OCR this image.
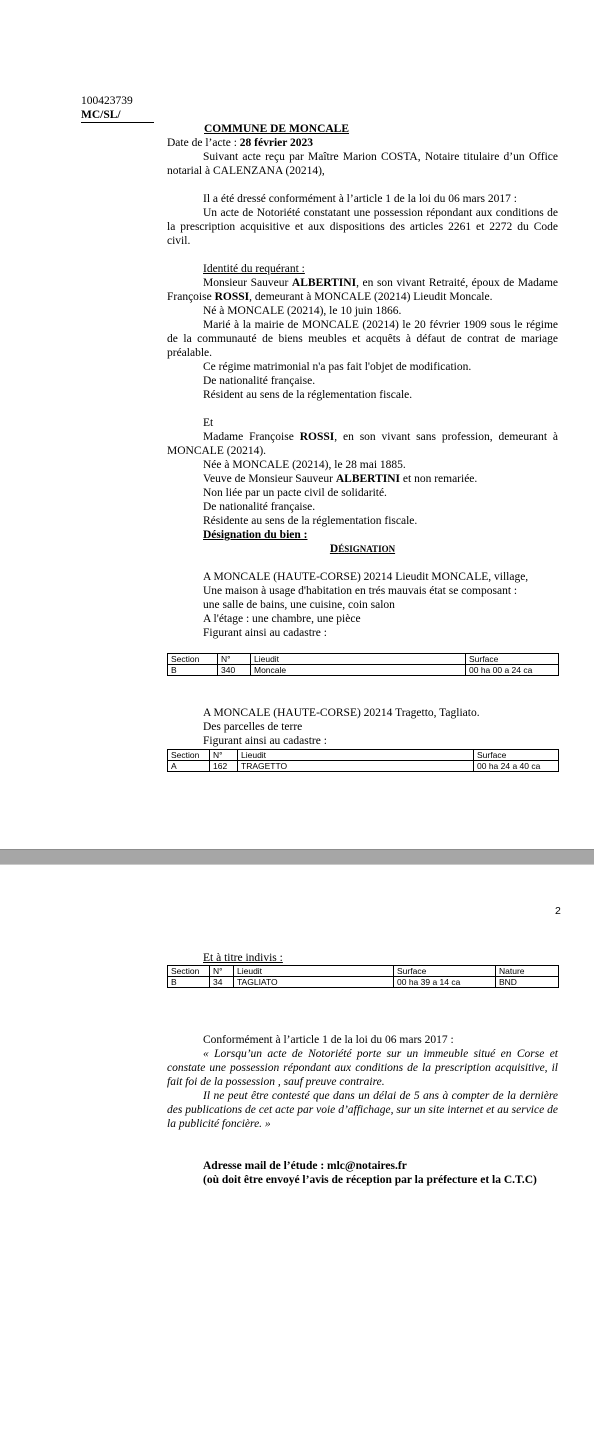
100423739
MC/SL/
COMMUNE DE MONCALE

Date de l’acte : 28 février 2023

Suivant acte reçu par Maître Marion COSTA, Notaire titulaire d’un Office notarial à CALENZANA (20214),

Il a été dressé conformément à l’article 1 de la loi du 06 mars 2017 :

Un acte de Notoriété constatant une possession répondant aux conditions de la prescription acquisitive et aux dispositions des articles 2261 et 2272 du Code civil.

Identité du requérant :

Monsieur Sauveur ALBERTINI, en son vivant Retraité, époux de Madame Françoise ROSSI, demeurant à MONCALE (20214) Lieudit Moncale.

Né à MONCALE (20214), le 10 juin 1866.

Marié à la mairie de MONCALE (20214) le 20 février 1909 sous le régime de la communauté de biens meubles et acquêts à défaut de contrat de mariage préalable.

Ce régime matrimonial n'a pas fait l'objet de modification.

De nationalité française.

Résident au sens de la réglementation fiscale.

Et

Madame Françoise ROSSI, en son vivant sans profession, demeurant à MONCALE (20214).

Née à MONCALE (20214), le 28 mai 1885.

Veuve de Monsieur Sauveur ALBERTINI et non remariée.

Non liée par un pacte civil de solidarité.

De nationalité française.

Résidente au sens de la réglementation fiscale.

Désignation du bien :

DÉSIGNATION

A MONCALE (HAUTE-CORSE) 20214 Lieudit MONCALE, village,

Une maison à usage d'habitation en trés mauvais état se composant :

une salle de bains, une cuisine, coin salon

A l'étage : une chambre, une pièce

Figurant ainsi au cadastre :

Section	N°	Lieudit	Surface
B	340	Moncale	00 ha 00 a 24 ca

A MONCALE (HAUTE-CORSE) 20214 Tragetto, Tagliato.

Des parcelles de terre

Figurant ainsi au cadastre :

Section	N°	Lieudit	Surface
A	162	TRAGETTO	00 ha 24 a 40 ca
2

Et à titre indivis :

Section	N°	Lieudit	Surface	Nature
B	34	TAGLIATO	00 ha 39 a 14 ca	BND

Conformément à l’article 1 de la loi du 06 mars 2017 :

« Lorsqu’un acte de Notoriété porte sur un immeuble situé en Corse et constate une possession répondant aux conditions de la prescription acquisitive, il fait foi de la possession , sauf preuve contraire.

Il ne peut être contesté que dans un délai de 5 ans à compter de la dernière des publications de cet acte par voie d’affichage, sur un site internet et au service de la publicité foncière. »

Adresse mail de l’étude : mlc@notaires.fr

(où doit être envoyé l’avis de réception par la préfecture et la C.T.C)
